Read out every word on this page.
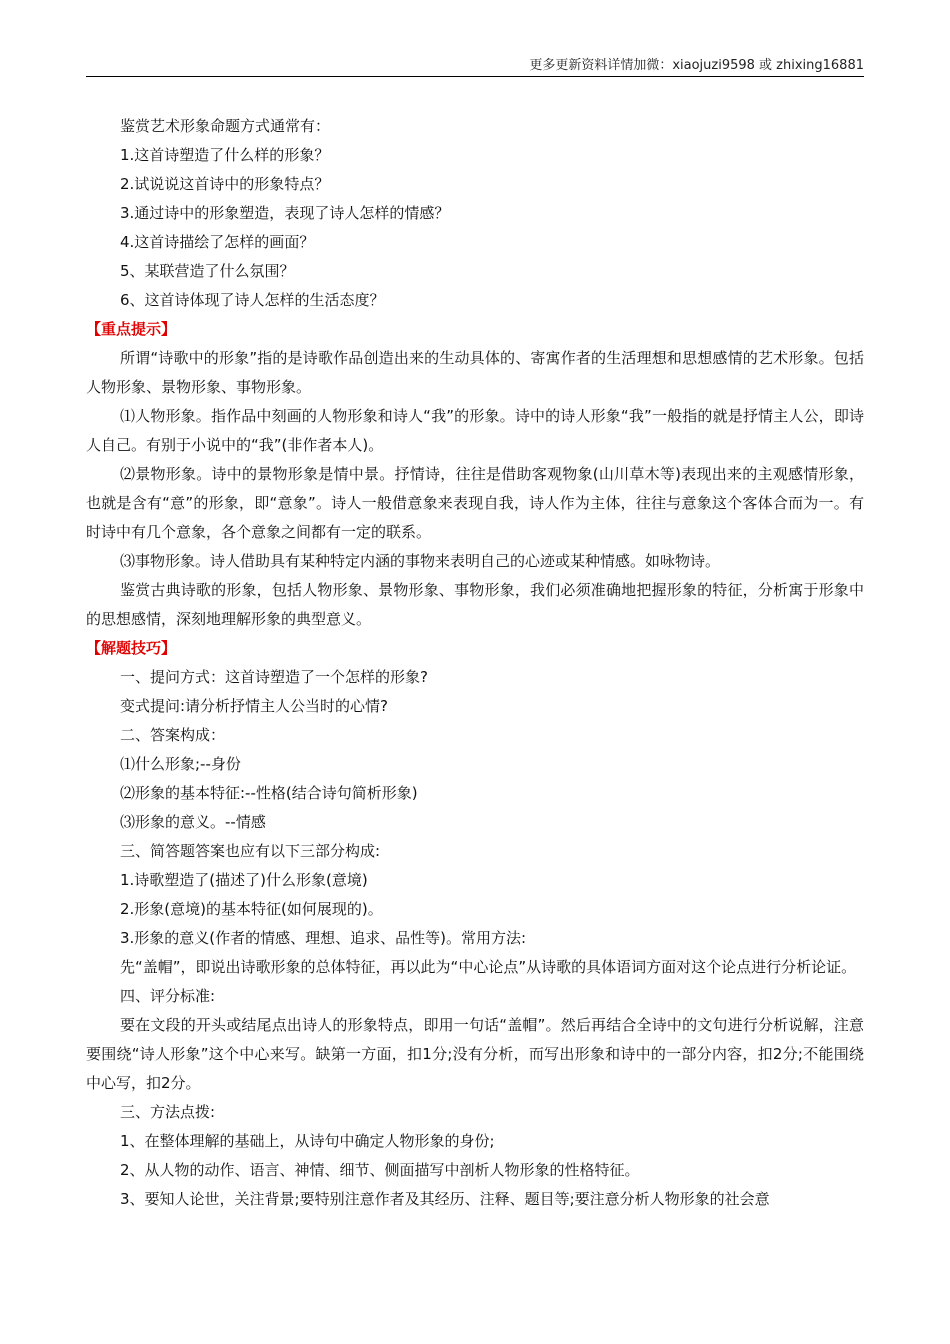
更多更新资料详情加微：xiaojuzi9598 或 zhixing16881

鉴赏艺术形象命题方式通常有：

1.这首诗塑造了什么样的形象？

2.试说说这首诗中的形象特点？

3.通过诗中的形象塑造，表现了诗人怎样的情感？

4.这首诗描绘了怎样的画面？

5、某联营造了什么氛围？

6、这首诗体现了诗人怎样的生活态度？

【重点提示】

所谓“诗歌中的形象”指的是诗歌作品创造出来的生动具体的、寄寓作者的生活理想和思想感情的艺术形象。包括人物形象、景物形象、事物形象。

⑴人物形象。指作品中刻画的人物形象和诗人“我”的形象。诗中的诗人形象“我”一般指的就是抒情主人公，即诗人自己。有别于小说中的“我”(非作者本人)。

⑵景物形象。诗中的景物形象是情中景。抒情诗，往往是借助客观物象(山川草木等)表现出来的主观感情形象，也就是含有“意”的形象，即“意象”。诗人一般借意象来表现自我，诗人作为主体，往往与意象这个客体合而为一。有时诗中有几个意象，各个意象之间都有一定的联系。

⑶事物形象。诗人借助具有某种特定内涵的事物来表明自己的心迹或某种情感。如咏物诗。

鉴赏古典诗歌的形象，包括人物形象、景物形象、事物形象，我们必须准确地把握形象的特征，分析寓于形象中的思想感情，深刻地理解形象的典型意义。

【解题技巧】

一、提问方式：这首诗塑造了一个怎样的形象?

变式提问:请分析抒情主人公当时的心情?

二、答案构成：

⑴什么形象;--身份

⑵形象的基本特征:--性格(结合诗句简析形象)

⑶形象的意义。--情感

三、简答题答案也应有以下三部分构成:

1.诗歌塑造了(描述了)什么形象(意境)

2.形象(意境)的基本特征(如何展现的)。

3.形象的意义(作者的情感、理想、追求、品性等)。常用方法:

先“盖帽”，即说出诗歌形象的总体特征，再以此为“中心论点”从诗歌的具体语词方面对这个论点进行分析论证。

四、评分标准:

要在文段的开头或结尾点出诗人的形象特点，即用一句话“盖帽”。然后再结合全诗中的文句进行分析说解，注意要围绕“诗人形象”这个中心来写。缺第一方面，扣1分;没有分析，而写出形象和诗中的一部分内容，扣2分;不能围绕中心写，扣2分。

三、方法点拨:

1、在整体理解的基础上，从诗句中确定人物形象的身份;

2、从人物的动作、语言、神情、细节、侧面描写中剖析人物形象的性格特征。

3、要知人论世，关注背景;要特别注意作者及其经历、注释、题目等;要注意分析人物形象的社会意
